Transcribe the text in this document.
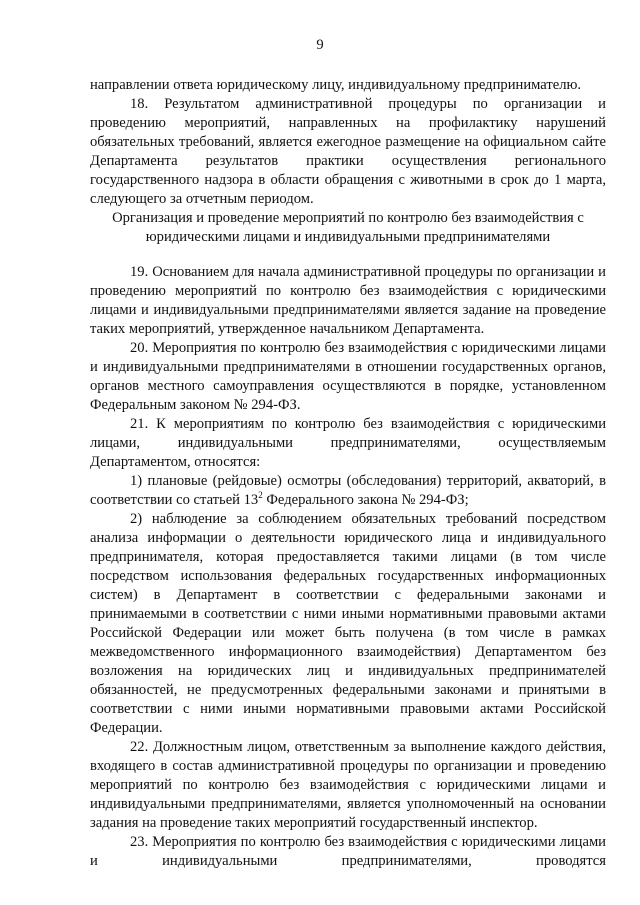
9

направлении ответа юридическому лицу, индивидуальному предпринимателю.

18. Результатом административной процедуры по организации и проведению мероприятий, направленных на профилактику нарушений обязательных требований, является ежегодное размещение на официальном сайте Департамента результатов практики осуществления регионального государственного надзора в области обращения с животными в срок до 1 марта, следующего за отчетным периодом.

Организация и проведение мероприятий по контролю без взаимодействия с

юридическими лицами и индивидуальными предпринимателями

19. Основанием для начала административной процедуры по организации и проведению мероприятий по контролю без взаимодействия с юридическими лицами и индивидуальными предпринимателями является задание на проведение таких мероприятий, утвержденное начальником Департамента.

20. Мероприятия по контролю без взаимодействия с юридическими лицами и индивидуальными предпринимателями в отношении государственных органов, органов местного самоуправления осуществляются в порядке, установленном Федеральным законом № 294-ФЗ.

21. К мероприятиям по контролю без взаимодействия с юридическими лицами, индивидуальными предпринимателями, осуществляемым Департаментом, относятся:

1) плановые (рейдовые) осмотры (обследования) территорий, акваторий, в соответствии со статьей $13^2$ Федерального закона № 294-ФЗ;

2) наблюдение за соблюдением обязательных требований посредством анализа информации о деятельности юридического лица и индивидуального предпринимателя, которая предоставляется такими лицами (в том числе посредством использования федеральных государственных информационных систем) в Департамент в соответствии с федеральными законами и принимаемыми в соответствии с ними иными нормативными правовыми актами Российской Федерации или может быть получена (в том числе в рамках межведомственного информационного взаимодействия) Департаментом без возложения на юридических лиц и индивидуальных предпринимателей обязанностей, не предусмотренных федеральными законами и принятыми в соответствии с ними иными нормативными правовыми актами Российской Федерации.

22. Должностным лицом, ответственным за выполнение каждого действия, входящего в состав административной процедуры по организации и проведению мероприятий по контролю без взаимодействия с юридическими лицами и индивидуальными предпринимателями, является уполномоченный на основании задания на проведение таких мероприятий государственный инспектор.

23. Мероприятия по контролю без взаимодействия с юридическими лицами и индивидуальными предпринимателями, проводятся
